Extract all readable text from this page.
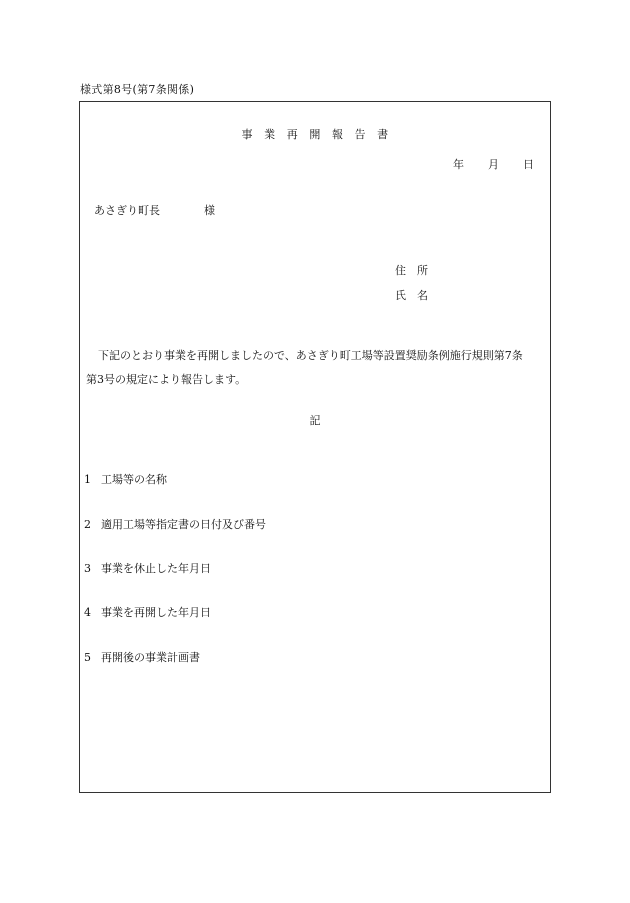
様式第8号(第7条関係)
事　業　再　開　報　告　書
年 月 日
あさぎり町長	様
住　所
氏　名
下記のとおり事業を再開しましたので、あさぎり町工場等設置奨励条例施行規則第7条
第3号の規定により報告します。
記
1 工場等の名称
2 適用工場等指定書の日付及び番号
3 事業を休止した年月日
4 事業を再開した年月日
5 再開後の事業計画書
